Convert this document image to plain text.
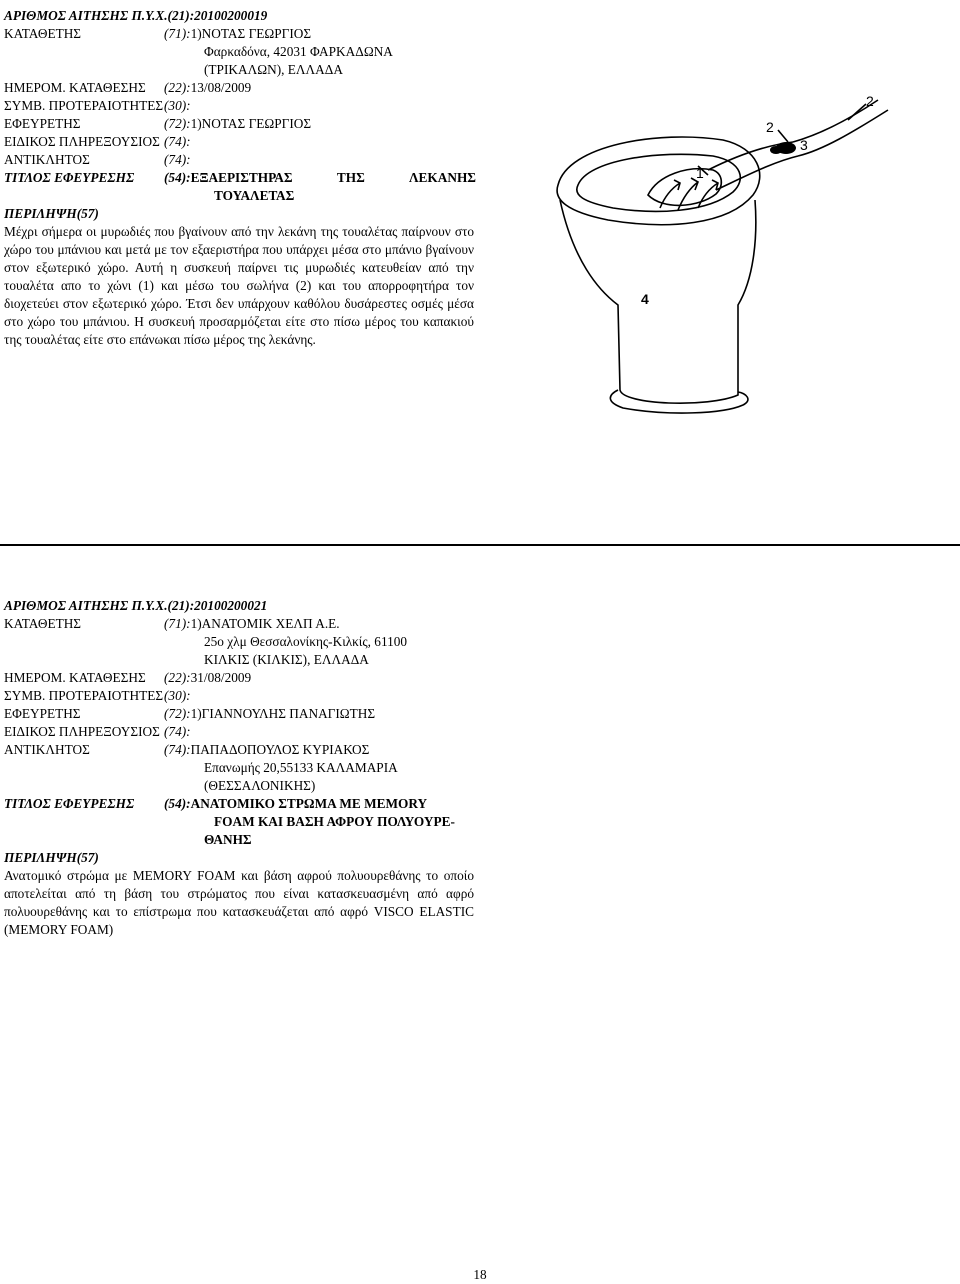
ΑΡΙΘΜΟΣ ΑΙΤΗΣΗΣ Π.Υ.Χ.(21):20100200019
ΚΑΤΑΘΕΤΗΣ	(71): 1)ΝΟΤΑΣ ΓΕΩΡΓΙΟΣ
Φαρκαδόνα, 42031 ΦΑΡΚΑΔΩΝΑ
(ΤΡΙΚΑΛΩΝ), ΕΛΛΑΔΑ
ΗΜΕΡΟΜ. ΚΑΤΑΘΕΣΗΣ	(22): 13/08/2009
ΣΥΜΒ. ΠΡΟΤΕΡΑΙΟΤΗΤΕΣ (30):
ΕΦΕΥΡΕΤΗΣ	(72): 1)ΝΟΤΑΣ ΓΕΩΡΓΙΟΣ
ΕΙΔΙΚΟΣ ΠΛΗΡΕΞΟΥΣΙΟΣ (74):
ΑΝΤΙΚΛΗΤΟΣ	(74):
ΤΙΤΛΟΣ ΕΦΕΥΡΕΣΗΣ	(54): ΕΞΑΕΡΙΣΤΗΡΑΣ	ΤΗΣ	ΛΕΚΑΝΗΣ
ΤΟΥΑΛΕΤΑΣ
ΠΕΡΙΛΗΨΗ(57)
Μέχρι σήμερα οι μυρωδιές που βγαίνουν από την λεκάνη της τουαλέτας παίρνουν στο χώρο του μπάνιου και μετά με τον εξαεριστήρα που υπάρχει μέσα στο μπάνιο βγαίνουν στον εξωτερικό χώρο. Αυτή η συσκευή παίρνει τις μυρωδιές κατευθείαν από την τουαλέτα απο το χώνι (1) και μέσω του σωλήνα (2) και του απορροφητήρα τον διοχετεύει στον εξωτερικό χώρο. Έτσι δεν υπάρχουν καθόλου δυσάρεστες οσμές μέσα στο χώρο του μπάνιου. Η συσκευή προσαρμόζεται είτε στο πίσω μέρος του καπακιού της τουαλέτας είτε στο επάνωκαι πίσω μέρος της λεκάνης.
1
2
2
3
4
ΑΡΙΘΜΟΣ ΑΙΤΗΣΗΣ Π.Υ.Χ.(21):20100200021
ΚΑΤΑΘΕΤΗΣ	(71): 1)ΑΝΑΤΟΜΙΚ ΧΕΛΠ Α.Ε.
25ο χλμ Θεσσαλονίκης-Κιλκίς, 61100
ΚΙΛΚΙΣ (ΚΙΛΚΙΣ), ΕΛΛΑΔΑ
ΗΜΕΡΟΜ. ΚΑΤΑΘΕΣΗΣ	(22): 31/08/2009
ΣΥΜΒ. ΠΡΟΤΕΡΑΙΟΤΗΤΕΣ (30):
ΕΦΕΥΡΕΤΗΣ	(72): 1)ΓΙΑΝΝΟΥΛΗΣ ΠΑΝΑΓΙΩΤΗΣ
ΕΙΔΙΚΟΣ ΠΛΗΡΕΞΟΥΣΙΟΣ (74):
ΑΝΤΙΚΛΗΤΟΣ	(74): ΠΑΠΑΔΟΠΟΥΛΟΣ ΚΥΡΙΑΚΟΣ
Επανωμής 20,55133 ΚΑΛΑΜΑΡΙΑ
(ΘΕΣΣΑΛΟΝΙΚΗΣ)
ΤΙΤΛΟΣ ΕΦΕΥΡΕΣΗΣ	(54): ΑΝΑΤΟΜΙΚΟ ΣΤΡΩΜΑ ΜΕ MEMORY
FOAM ΚΑΙ ΒΑΣΗ ΑΦΡΟΥ ΠΟΛΥΟΥΡΕ-
ΘΑΝΗΣ
ΠΕΡΙΛΗΨΗ(57)
Ανατομικό στρώμα με MEMORY FOAM και βάση αφρού πολυουρεθάνης το οποίο αποτελείται από τη βάση του στρώματος που είναι κατασκευασμένη από αφρό πολυουρεθάνης και το επίστρωμα που κατασκευάζεται από αφρό VISCO ELASTIC (MEMORY FOAM)
18
